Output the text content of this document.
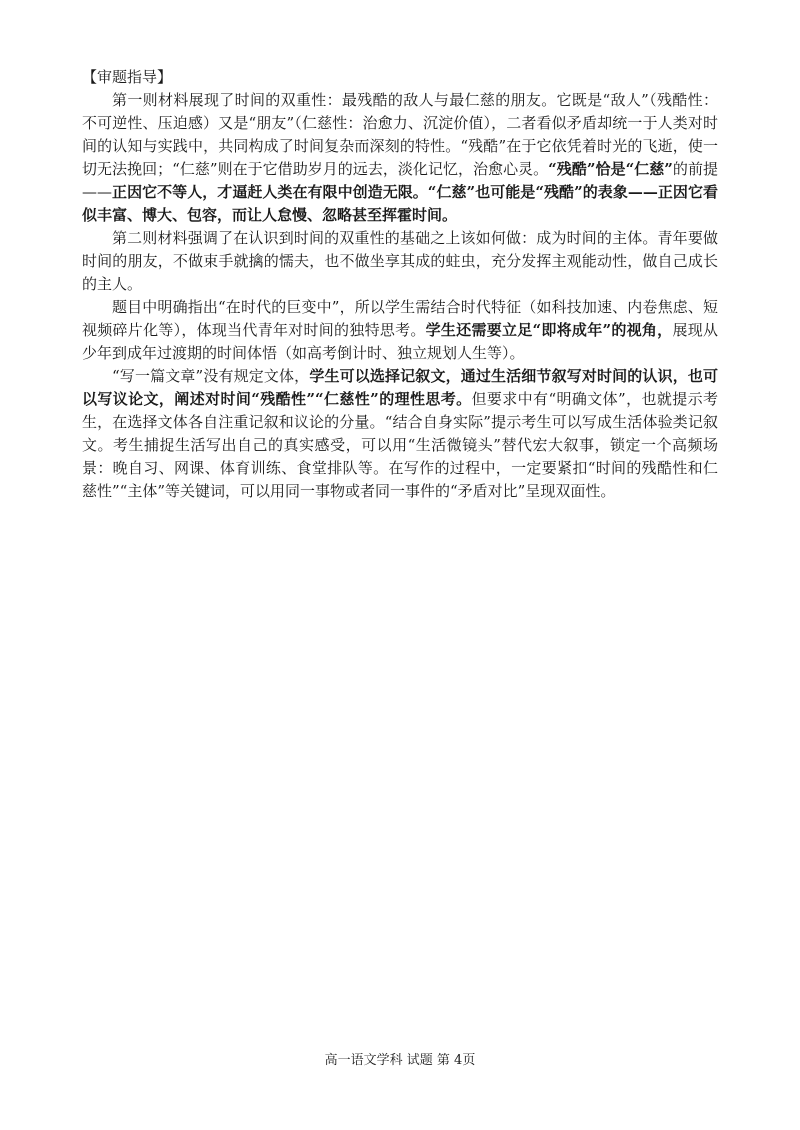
【审题指导】

第一则材料展现了时间的双重性：最残酷的敌人与最仁慈的朋友。它既是“敌人”（残酷性：不可逆性、压迫感）又是“朋友”（仁慈性：治愈力、沉淀价值），二者看似矛盾却统一于人类对时间的认知与实践中，共同构成了时间复杂而深刻的特性。“残酷”在于它依凭着时光的飞逝，使一切无法挽回；“仁慈”则在于它借助岁月的远去，淡化记忆，治愈心灵。“残酷”恰是“仁慈”的前提——正因它不等人，才逼赶人类在有限中创造无限。“仁慈”也可能是“残酷”的表象——正因它看似丰富、博大、包容，而让人怠慢、忽略甚至挥霍时间。

第二则材料强调了在认识到时间的双重性的基础之上该如何做：成为时间的主体。青年要做时间的朋友，不做束手就擒的懦夫，也不做坐享其成的蛀虫，充分发挥主观能动性，做自己成长的主人。

题目中明确指出“在时代的巨变中”，所以学生需结合时代特征（如科技加速、内卷焦虑、短视频碎片化等），体现当代青年对时间的独特思考。学生还需要立足“即将成年”的视角，展现从少年到成年过渡期的时间体悟（如高考倒计时、独立规划人生等）。

“写一篇文章”没有规定文体，学生可以选择记叙文，通过生活细节叙写对时间的认识，也可以写议论文，阐述对时间“残酷性”“仁慈性”的理性思考。但要求中有“明确文体”，也就提示考生，在选择文体各自注重记叙和议论的分量。“结合自身实际”提示考生可以写成生活体验类记叙文。考生捕捉生活写出自己的真实感受，可以用“生活微镜头”替代宏大叙事，锁定一个高频场景：晚自习、网课、体育训练、食堂排队等。在写作的过程中，一定要紧扣“时间的残酷性和仁慈性”“主体”等关键词，可以用同一事物或者同一事件的“矛盾对比”呈现双面性。

高一语文学科 试题 第 4页
